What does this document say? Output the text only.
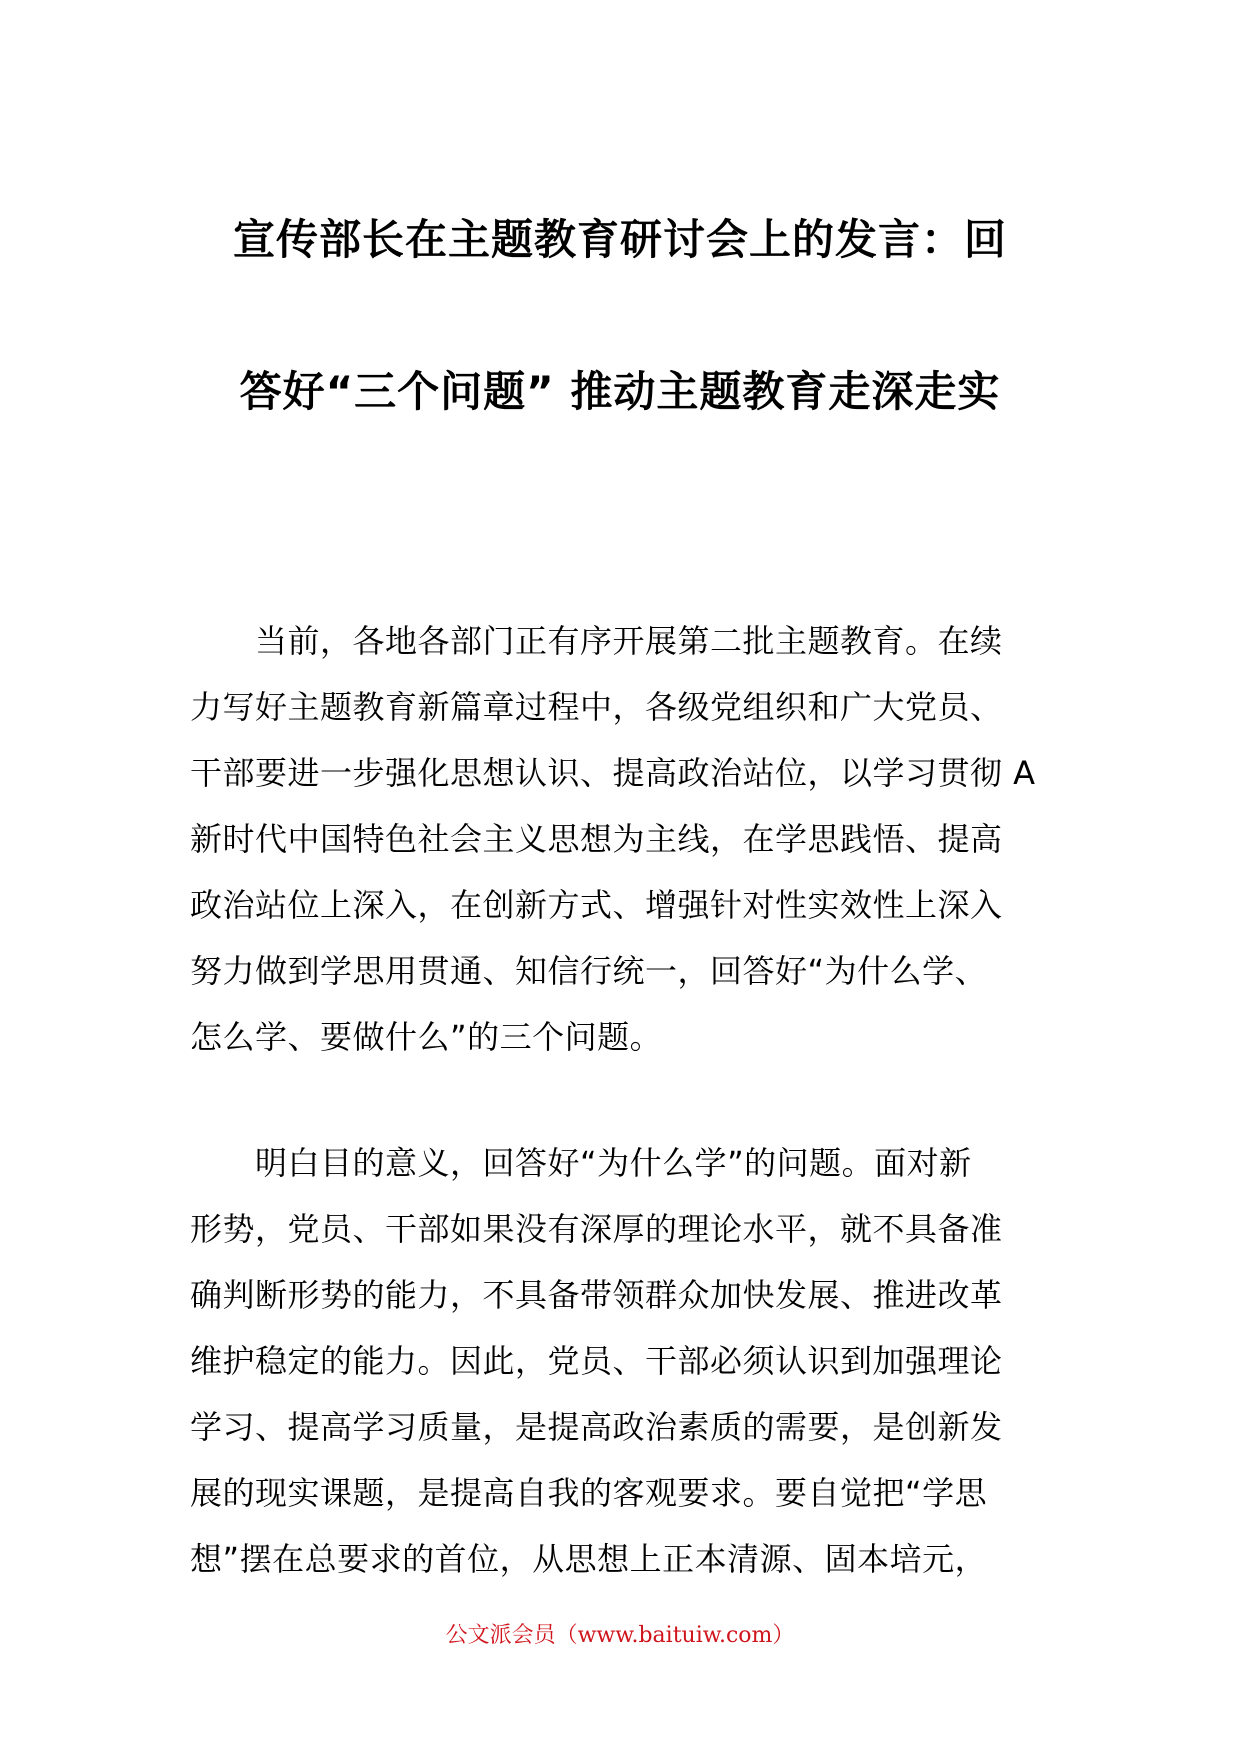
宣传部长在主题教育研讨会上的发言：回
答好“三个问题” 推动主题教育走深走实
　　当前，各地各部门正有序开展第二批主题教育。在续
力写好主题教育新篇章过程中，各级党组织和广大党员、
干部要进一步强化思想认识、提高政治站位，以学习贯彻 A
新时代中国特色社会主义思想为主线，在学思践悟、提高
政治站位上深入，在创新方式、增强针对性实效性上深入
努力做到学思用贯通、知信行统一，回答好“为什么学、
怎么学、要做什么”的三个问题。
　　明白目的意义，回答好“为什么学”的问题。面对新
形势，党员、干部如果没有深厚的理论水平，就不具备准
确判断形势的能力，不具备带领群众加快发展、推进改革
维护稳定的能力。因此，党员、干部必须认识到加强理论
学习、提高学习质量，是提高政治素质的需要，是创新发
展的现实课题，是提高自我的客观要求。要自觉把“学思
想”摆在总要求的首位，从思想上正本清源、固本培元，
公文派会员（www.baituiw.com）
